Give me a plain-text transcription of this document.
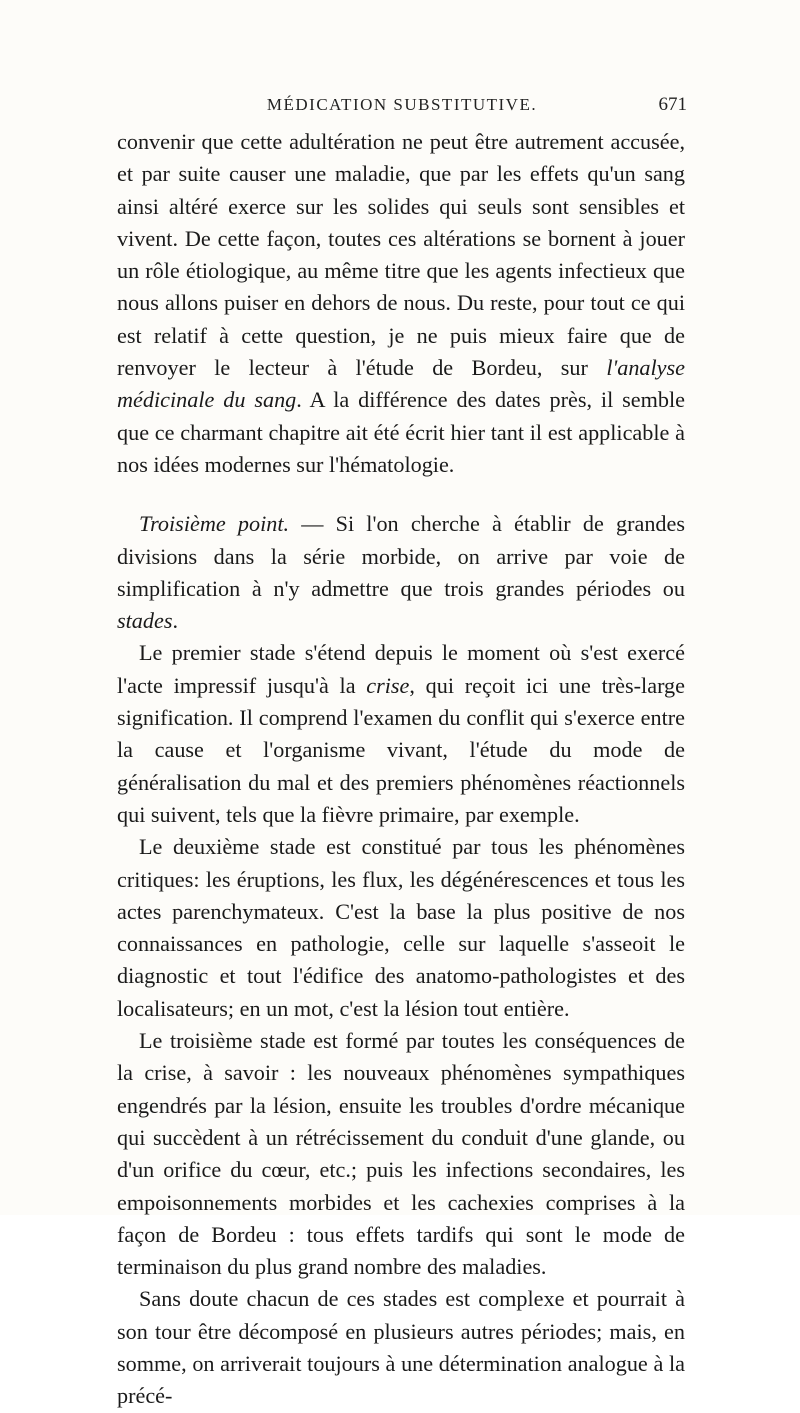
MÉDICATION SUBSTITUTIVE.	671

convenir que cette adultération ne peut être autrement accusée, et par suite causer une maladie, que par les effets qu'un sang ainsi altéré exerce sur les solides qui seuls sont sensibles et vivent. De cette façon, toutes ces altérations se bornent à jouer un rôle étiologique, au même titre que les agents infectieux que nous allons puiser en dehors de nous. Du reste, pour tout ce qui est relatif à cette question, je ne puis mieux faire que de renvoyer le lecteur à l'étude de Bordeu, sur l'analyse médicinale du sang. A la différence des dates près, il semble que ce charmant chapitre ait été écrit hier tant il est applicable à nos idées modernes sur l'hématologie.

Troisième point. — Si l'on cherche à établir de grandes divisions dans la série morbide, on arrive par voie de simplification à n'y admettre que trois grandes périodes ou stades.

Le premier stade s'étend depuis le moment où s'est exercé l'acte impressif jusqu'à la crise, qui reçoit ici une très-large signification. Il comprend l'examen du conflit qui s'exerce entre la cause et l'organisme vivant, l'étude du mode de généralisation du mal et des premiers phénomènes réactionnels qui suivent, tels que la fièvre primaire, par exemple.

Le deuxième stade est constitué par tous les phénomènes critiques: les éruptions, les flux, les dégénérescences et tous les actes parenchymateux. C'est la base la plus positive de nos connaissances en pathologie, celle sur laquelle s'asseoit le diagnostic et tout l'édifice des anatomo-pathologistes et des localisateurs; en un mot, c'est la lésion tout entière.

Le troisième stade est formé par toutes les conséquences de la crise, à savoir : les nouveaux phénomènes sympathiques engendrés par la lésion, ensuite les troubles d'ordre mécanique qui succèdent à un rétrécissement du conduit d'une glande, ou d'un orifice du cœur, etc.; puis les infections secondaires, les empoisonnements morbides et les cachexies comprises à la façon de Bordeu : tous effets tardifs qui sont le mode de terminaison du plus grand nombre des maladies.

Sans doute chacun de ces stades est complexe et pourrait à son tour être décomposé en plusieurs autres périodes; mais, en somme, on arriverait toujours à une détermination analogue à la précé-
